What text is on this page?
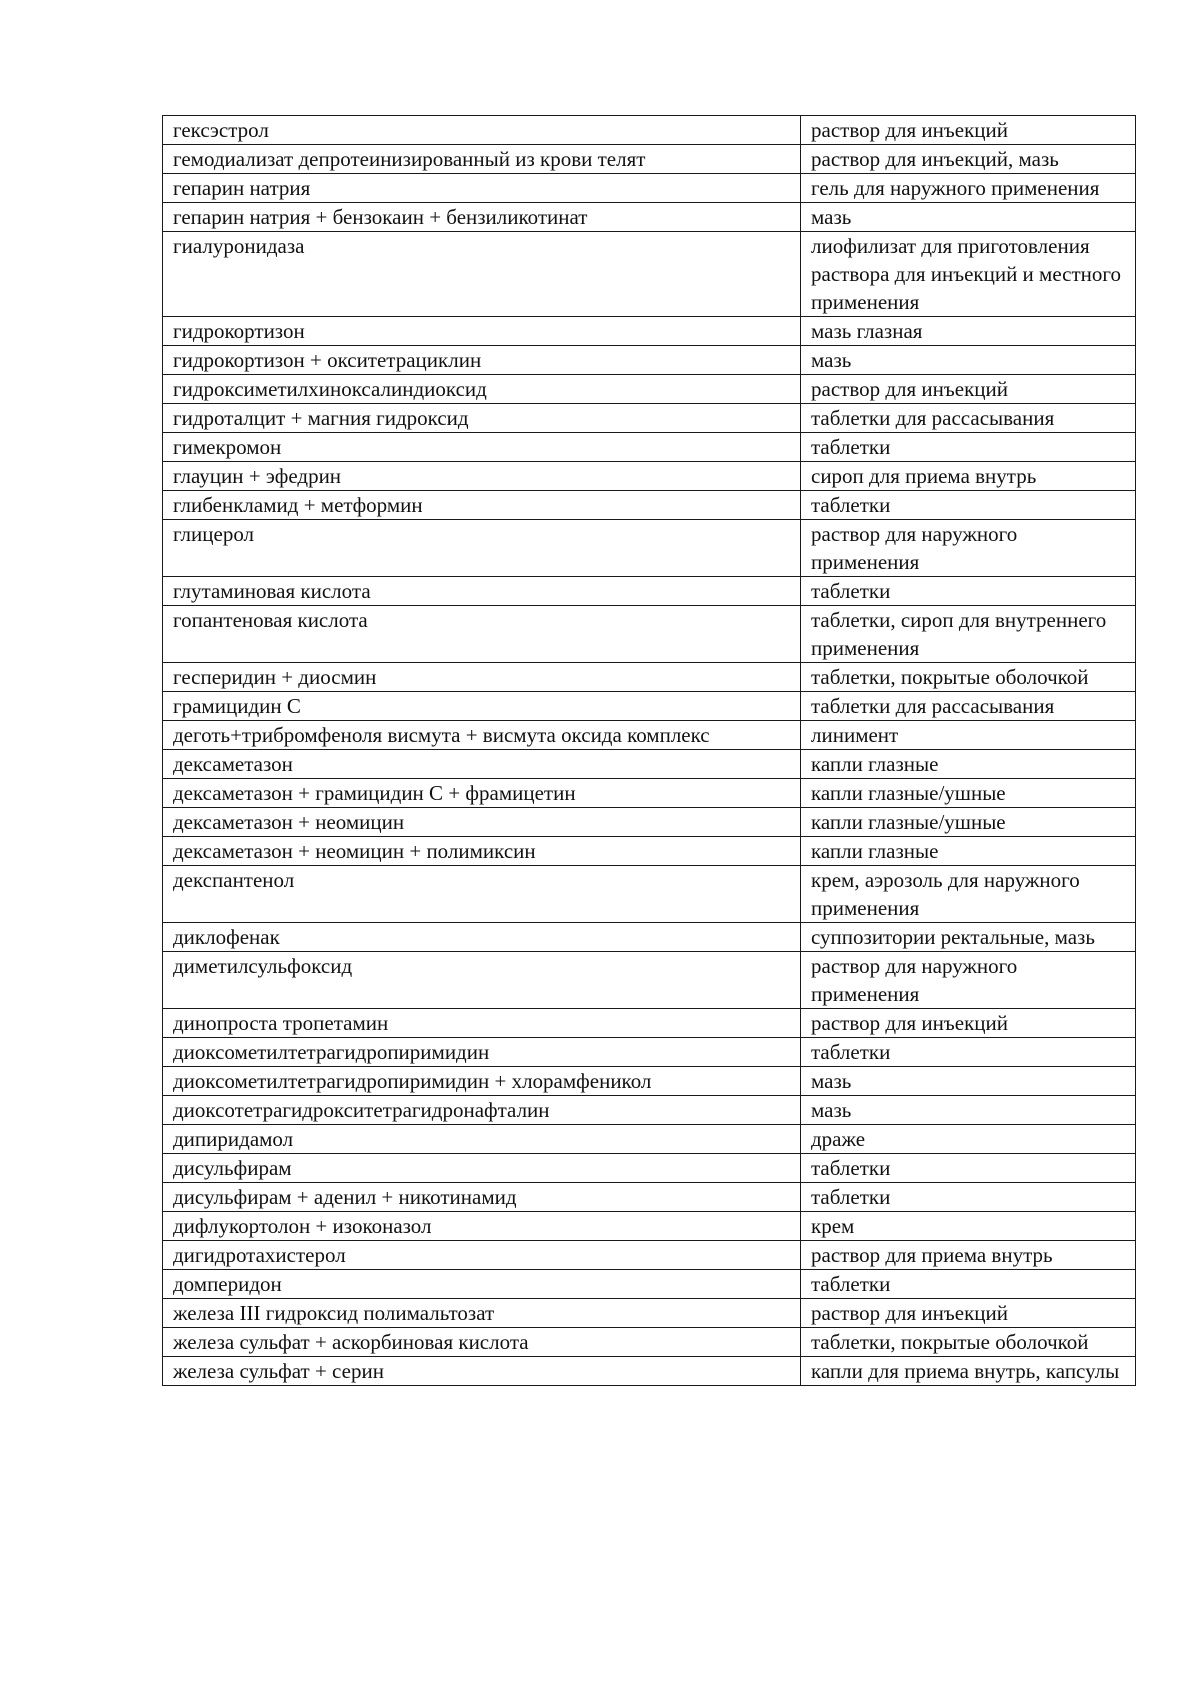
гексэстрол	раствор для инъекций
гемодиализат депротеинизированный из крови телят	раствор для инъекций, мазь
гепарин натрия	гель для наружного применения
гепарин натрия + бензокаин + бензиликотинат	мазь
гиалуронидаза	лиофилизат для приготовления раствора для инъекций и местного применения
гидрокортизон	мазь глазная
гидрокортизон + окситетрациклин	мазь
гидроксиметилхиноксалиндиоксид	раствор для инъекций
гидроталцит + магния гидроксид	таблетки для рассасывания
гимекромон	таблетки
глауцин + эфедрин	сироп для приема внутрь
глибенкламид + метформин	таблетки
глицерол	раствор для наружного применения
глутаминовая кислота	таблетки
гопантеновая кислота	таблетки, сироп для внутреннего применения
гесперидин + диосмин	таблетки, покрытые оболочкой
грамицидин С	таблетки для рассасывания
деготь+трибромфеноля висмута + висмута оксида комплекс	линимент
дексаметазон	капли глазные
дексаметазон + грамицидин С + фрамицетин	капли глазные/ушные
дексаметазон + неомицин	капли глазные/ушные
дексаметазон + неомицин + полимиксин	капли глазные
декспантенол	крем, аэрозоль для наружного применения
диклофенак	суппозитории ректальные, мазь
диметилсульфоксид	раствор для наружного применения
динопроста тропетамин	раствор для инъекций
диоксометилтетрагидропиримидин	таблетки
диоксометилтетрагидропиримидин + хлорамфеникол	мазь
диоксотетрагидрокситетрагидронафталин	мазь
дипиридамол	драже
дисульфирам	таблетки
дисульфирам + аденил + никотинамид	таблетки
дифлукортолон + изоконазол	крем
дигидротахистерол	раствор для приема внутрь
домперидон	таблетки
железа III гидроксид полимальтозат	раствор для инъекций
железа сульфат + аскорбиновая кислота	таблетки, покрытые оболочкой
железа сульфат + серин	капли для приема внутрь, капсулы
